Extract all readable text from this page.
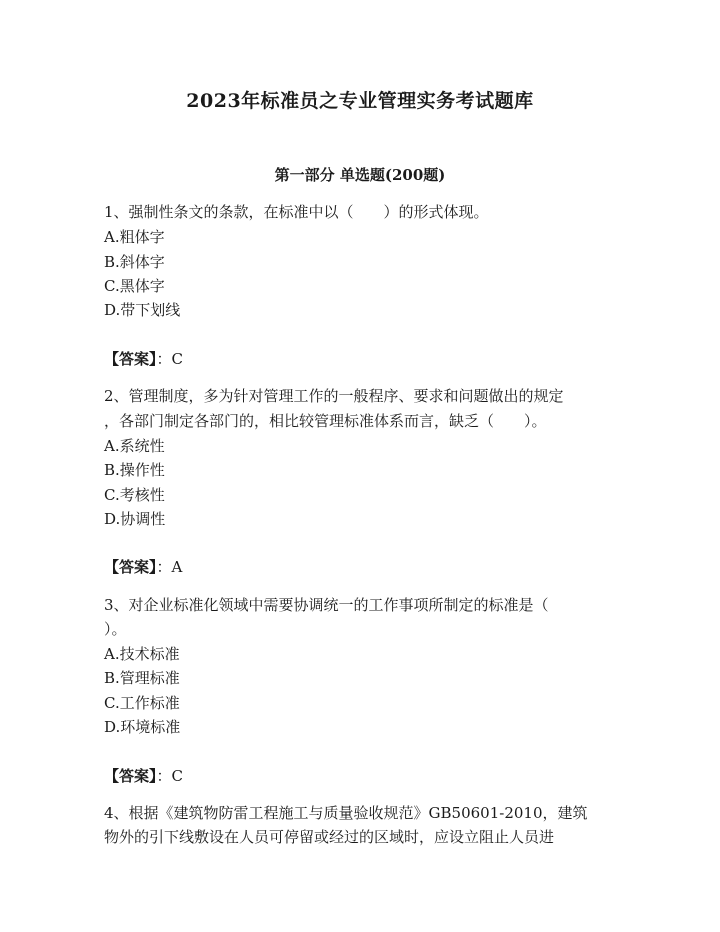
2023年标准员之专业管理实务考试题库
第一部分 单选题(200题)
1、强制性条文的条款，在标准中以（　　）的形式体现。
A.粗体字
B.斜体字
C.黑体字
D.带下划线
【答案】：C
2、管理制度，多为针对管理工作的一般程序、要求和问题做出的规定
，各部门制定各部门的，相比较管理标准体系而言，缺乏（　　）。
A.系统性
B.操作性
C.考核性
D.协调性
【答案】：A
3、对企业标准化领域中需要协调统一的工作事项所制定的标准是（
）。
A.技术标准
B.管理标准
C.工作标准
D.环境标准
【答案】：C
4、根据《建筑物防雷工程施工与质量验收规范》GB50601-2010，建筑
物外的引下线敷设在人员可停留或经过的区域时，应设立阻止人员进
